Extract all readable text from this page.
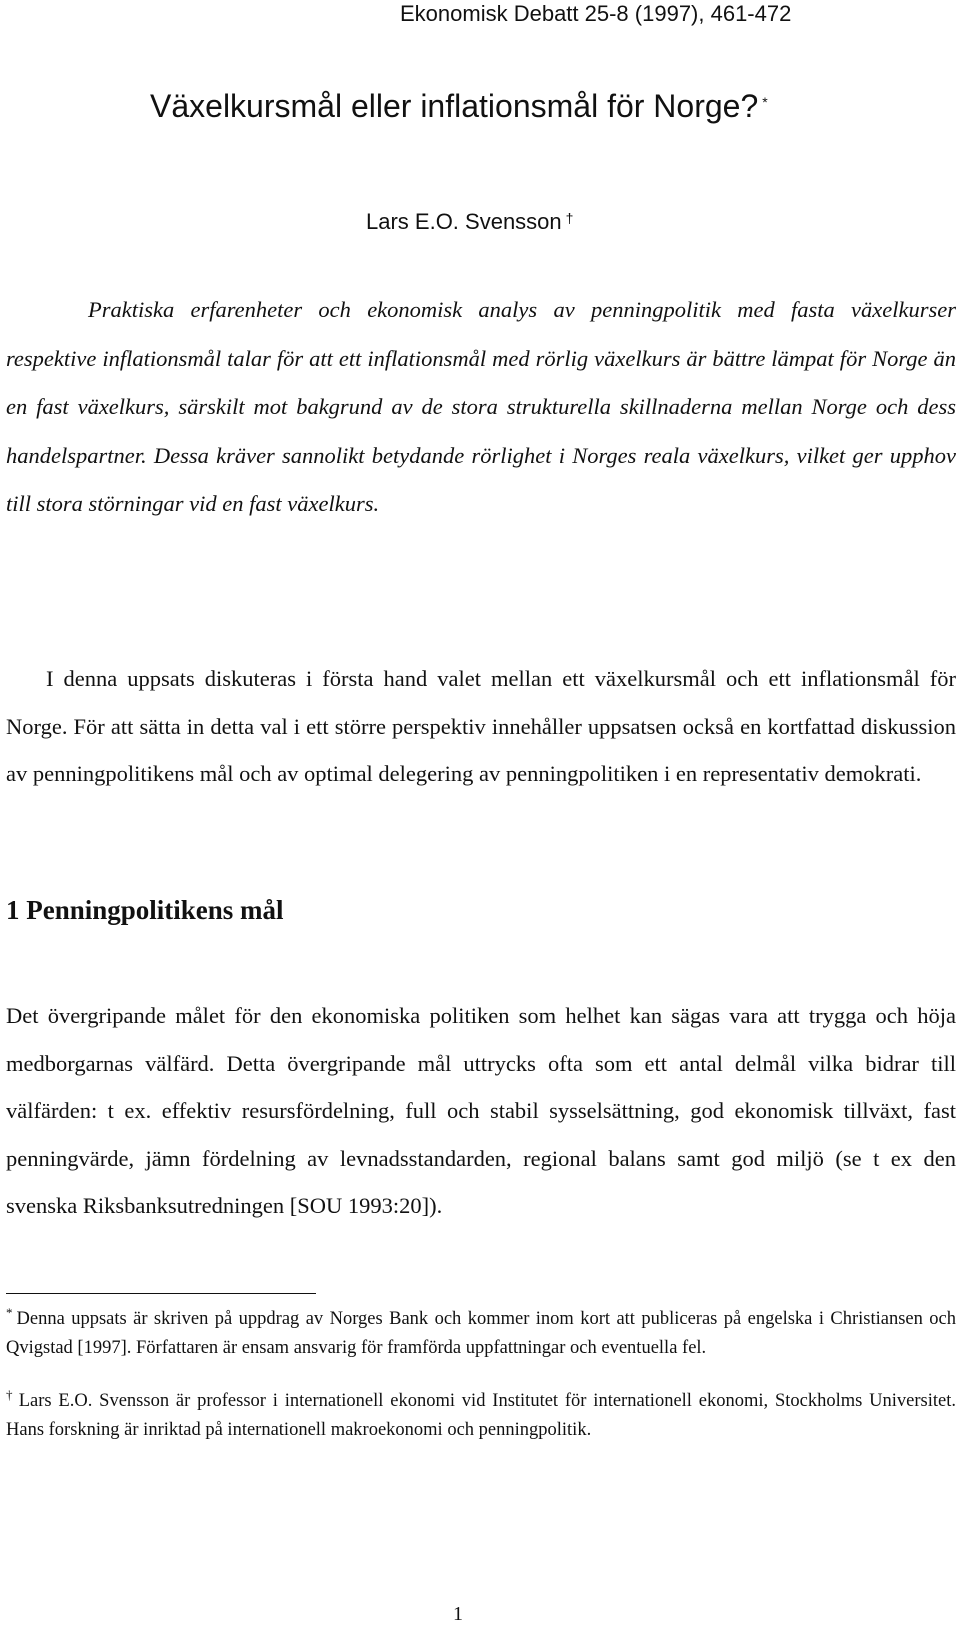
Ekonomisk Debatt 25-8 (1997), 461-472
Växelkursmål eller inflationsmål för Norge? *
Lars E.O. Svensson †

Praktiska erfarenheter och ekonomisk analys av penningpolitik med fasta växelkurser respektive inflationsmål talar för att ett inflationsmål med rörlig växelkurs är bättre lämpat för Norge än en fast växelkurs, särskilt mot bakgrund av de stora strukturella skillnaderna mellan Norge och dess handelspartner. Dessa kräver sannolikt betydande rörlighet i Norges reala växelkurs, vilket ger upphov till stora störningar vid en fast växelkurs.

I denna uppsats diskuteras i första hand valet mellan ett växelkursmål och ett inflationsmål för Norge. För att sätta in detta val i ett större perspektiv innehåller uppsatsen också en kortfattad diskussion av penningpolitikens mål och av optimal delegering av penningpolitiken i en representativ demokrati.

1 Penningpolitikens mål

Det övergripande målet för den ekonomiska politiken som helhet kan sägas vara att trygga och höja medborgarnas välfärd. Detta övergripande mål uttrycks ofta som ett antal delmål vilka bidrar till välfärden: t ex. effektiv resursfördelning, full och stabil sysselsättning, god ekonomisk tillväxt, fast penningvärde, jämn fördelning av levnadsstandarden, regional balans samt god miljö (se t ex den svenska Riksbanksutredningen [SOU 1993:20]).

* Denna uppsats är skriven på uppdrag av Norges Bank och kommer inom kort att publiceras på engelska i Christiansen och Qvigstad [1997]. Författaren är ensam ansvarig för framförda uppfattningar och eventuella fel.

† Lars E.O. Svensson är professor i internationell ekonomi vid Institutet för internationell ekonomi, Stockholms Universitet. Hans forskning är inriktad på internationell makroekonomi och penningpolitik.

1
